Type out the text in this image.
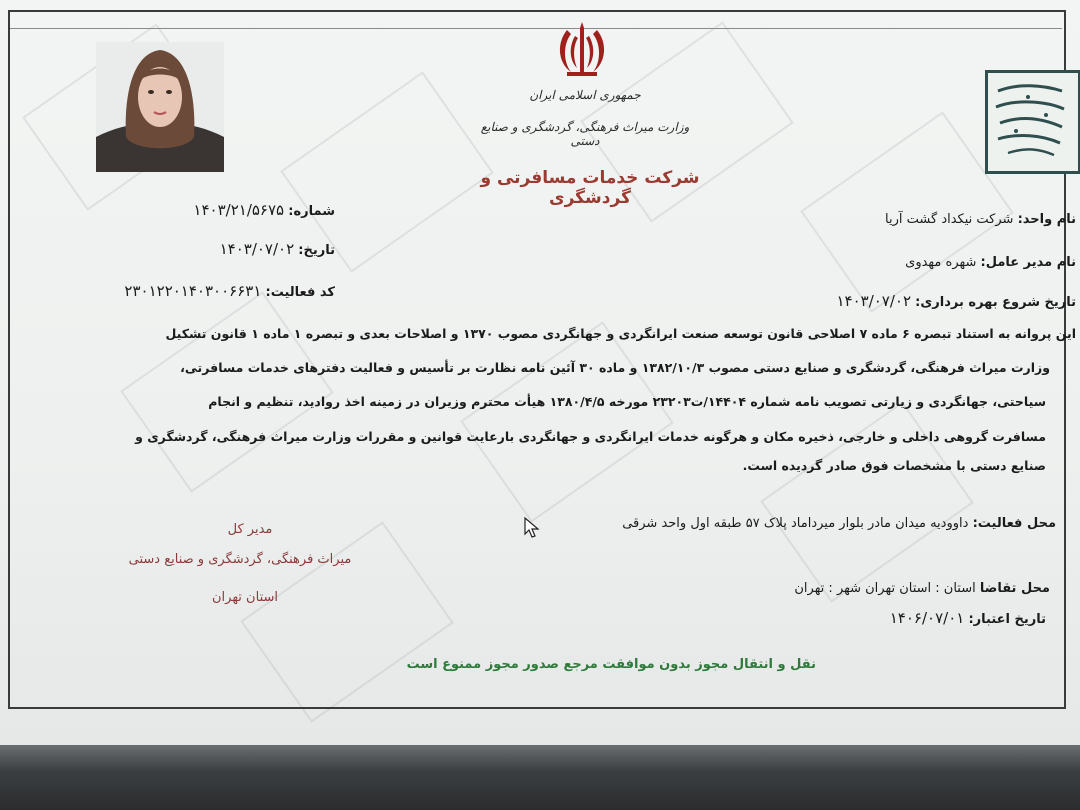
جمهوری اسلامی ایران
وزارت میراث فرهنگی، گردشگری و صنایع دستی
شرکت خدمات مسافرتی و گردشگری
شماره: ۱۴۰۳/۲۱/۵۶۷۵
تاریخ: ۱۴۰۳/۰۷/۰۲
کد فعالیت: ۲۳۰۱۲۲۰۱۴۰۳۰۰۶۶۳۱
نام واحد: شرکت نیکداد گشت آریا
نام مدیر عامل: شهره مهدوی
تاریخ شروع بهره برداری: ۱۴۰۳/۰۷/۰۲
این پروانه به استناد تبصره ۶ ماده ۷ اصلاحی قانون توسعه صنعت ایرانگردی و جهانگردی مصوب ۱۳۷۰ و اصلاحات بعدی و تبصره ۱ ماده ۱ قانون تشکیل
وزارت میراث فرهنگی، گردشگری و صنایع دستی مصوب ۱۳۸۲/۱۰/۳ و ماده ۳۰ آئین نامه نظارت بر تأسیس و فعالیت دفترهای خدمات مسافرتی،
سیاحتی، جهانگردی و زیارتی تصویب نامه شماره ۱۴۴۰۴/ت۲۳۲۰۳ مورخه ۱۳۸۰/۴/۵ هیأت محترم وزیران در زمینه اخذ روادید، تنظیم و انجام
مسافرت گروهی داخلی و خارجی، ذخیره مکان و هرگونه خدمات ایرانگردی و جهانگردی بارعایت قوانین و مقررات وزارت میراث فرهنگی، گردشگری و
صنایع دستی با مشخصات فوق صادر گردیده است.
محل فعالیت: داوودیه میدان مادر بلوار میرداماد پلاک ۵۷ طبقه اول واحد شرقی
محل تقاضا استان : استان تهران شهر : تهران
تاریخ اعتبار: ۱۴۰۶/۰۷/۰۱
مدیر کل
میراث فرهنگی، گردشگری و صنایع دستی
استان تهران
نقل و انتقال مجوز بدون موافقت مرجع صدور مجوز ممنوع است
